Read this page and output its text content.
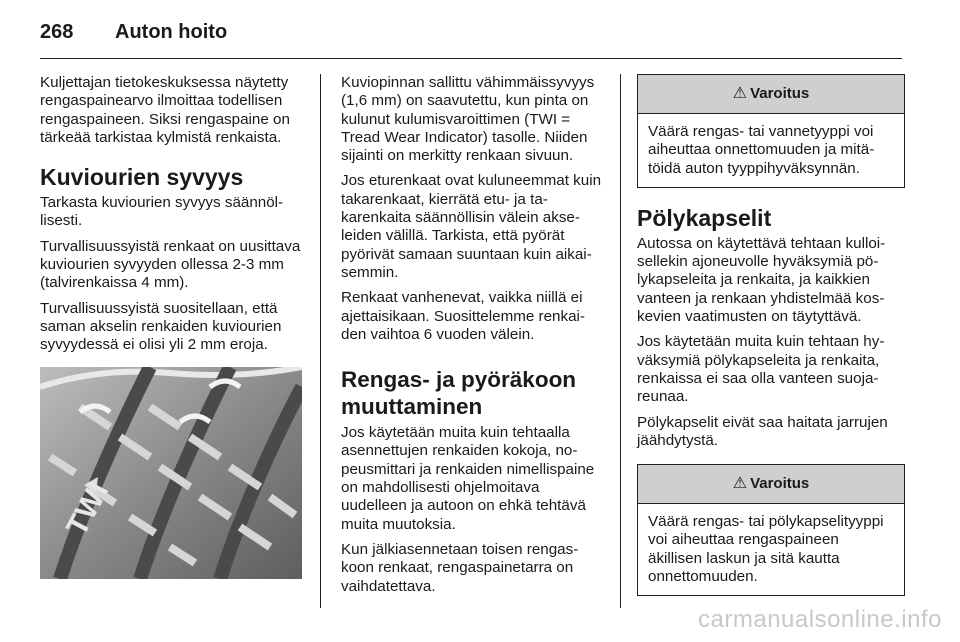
268	Auton hoito

Kuljettajan tietokeskuksessa näytetty rengaspainearvo ilmoittaa todellisen rengaspaineen. Siksi rengaspaine on tärkeää tarkistaa kylmistä renkaista.

Kuviourien syvyys

Tarkasta kuviourien syvyys säännöllisesti.

Turvallisuussyistä renkaat on uusittava kuviourien syvyyden ollessa 2-3 mm (talvirenkaissa 4 mm).

Turvallisuussyistä suositellaan, että saman akselin renkaiden kuviourien syvyydessä ei olisi yli 2 mm eroja.

TWI

Kuviopinnan sallittu vähimmäissyvyys (1,6 mm) on saavutettu, kun pinta on kulunut kulumisvaroittimen (TWI = Tread Wear Indicator) tasolle. Niiden sijainti on merkitty renkaan sivuun.

Jos eturenkaat ovat kuluneemmat kuin takarenkaat, kierrätä etu- ja takarenkaita säännöllisin välein akseleiden välillä. Tarkista, että pyörät pyörivät samaan suuntaan kuin aikaisemmin.

Renkaat vanhenevat, vaikka niillä ei ajettaisikaan. Suosittelemme renkaiden vaihtoa 6 vuoden välein.

Rengas- ja pyöräkoon muuttaminen

Jos käytetään muita kuin tehtaalla asennettujen renkaiden kokoja, nopeusmittari ja renkaiden nimellispaine on mahdollisesti ohjelmoitava uudelleen ja autoon on ehkä tehtävä muita muutoksia.

Kun jälkiasennetaan toisen rengaskoon renkaat, rengaspainetarra on vaihdatettava.

⚠ Varoitus
Väärä rengas- tai vannetyyppi voi aiheuttaa onnettomuuden ja mitätöidä auton tyyppihyväksynnän.
Pölykapselit

Autossa on käytettävä tehtaan kulloisellekin ajoneuvolle hyväksymiä pölykapseleita ja renkaita, ja kaikkien vanteen ja renkaan yhdistelmää koskevien vaatimusten on täytyttävä.

Jos käytetään muita kuin tehtaan hyväksymiä pölykapseleita ja renkaita, renkaissa ei saa olla vanteen suojareunaa.

Pölykapselit eivät saa haitata jarrujen jäähdytystä.

⚠ Varoitus
Väärä rengas- tai pölykapselityyppi voi aiheuttaa rengaspaineen äkillisen laskun ja sitä kautta onnettomuuden.
carmanualsonline.info
